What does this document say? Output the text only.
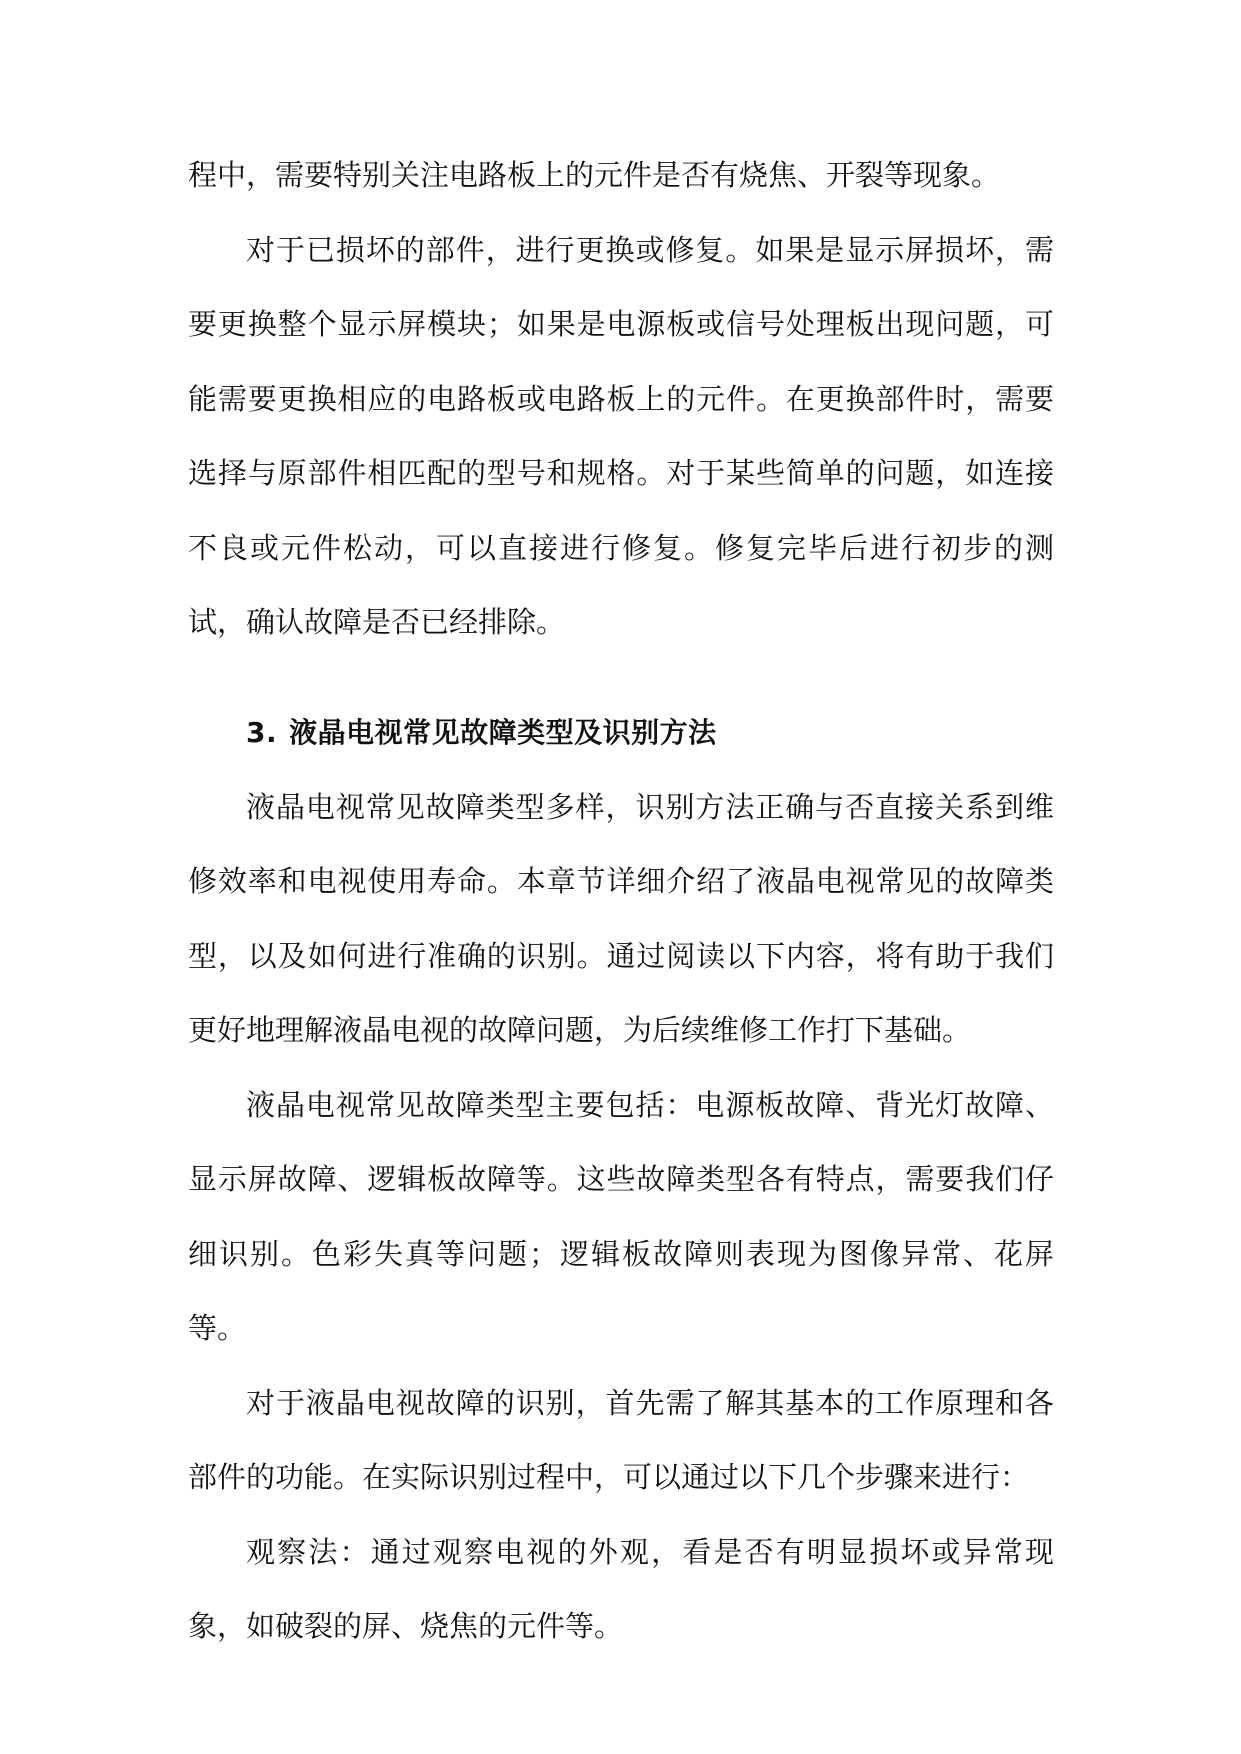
程中，需要特别关注电路板上的元件是否有烧焦、开裂等现象。

对于已损坏的部件，进行更换或修复。如果是显示屏损坏，需要更换整个显示屏模块；如果是电源板或信号处理板出现问题，可能需要更换相应的电路板或电路板上的元件。在更换部件时，需要选择与原部件相匹配的型号和规格。对于某些简单的问题，如连接不良或元件松动，可以直接进行修复。修复完毕后进行初步的测试，确认故障是否已经排除。

3. 液晶电视常见故障类型及识别方法

液晶电视常见故障类型多样，识别方法正确与否直接关系到维修效率和电视使用寿命。本章节详细介绍了液晶电视常见的故障类型，以及如何进行准确的识别。通过阅读以下内容，将有助于我们更好地理解液晶电视的故障问题，为后续维修工作打下基础。

液晶电视常见故障类型主要包括：电源板故障、背光灯故障、显示屏故障、逻辑板故障等。这些故障类型各有特点，需要我们仔细识别。色彩失真等问题；逻辑板故障则表现为图像异常、花屏等。

对于液晶电视故障的识别，首先需了解其基本的工作原理和各部件的功能。在实际识别过程中，可以通过以下几个步骤来进行：

观察法：通过观察电视的外观，看是否有明显损坏或异常现象，如破裂的屏、烧焦的元件等。
